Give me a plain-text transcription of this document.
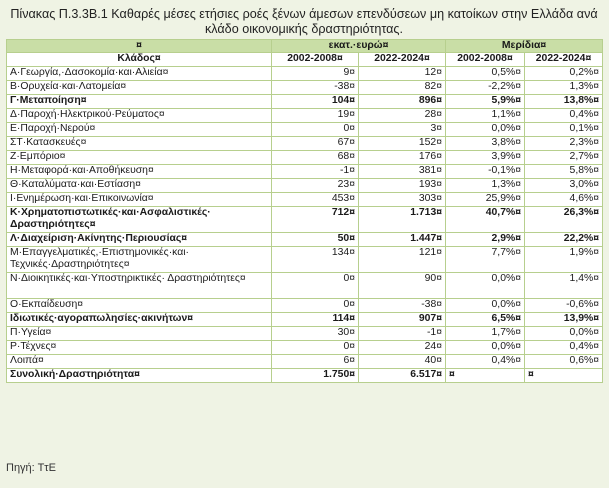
Πίνακας Π.3.3Β.1 Καθαρές μέσες ετήσιες ροές ξένων άμεσων επενδύσεων μη κατοίκων στην Ελλάδα ανά κλάδο οικονομικής δραστηριότητας.
¤	εκατ.·ευρώ¤		Μερίδια¤	
Κλάδος¤	2002-2008¤	2022-2024¤	2002-2008¤	2022-2024¤
Α·Γεωργία,·Δασοκομία·και·Αλιεία¤	9¤	12¤	0,5%¤	0,2%¤
Β·Ορυχεία·και·Λατομεία¤	-38¤	82¤	-2,2%¤	1,3%¤
Γ·Μεταποίηση¤	104¤	896¤	5,9%¤	13,8%¤
Δ·Παροχή·Ηλεκτρικού·Ρεύματος¤	19¤	28¤	1,1%¤	0,4%¤
Ε·Παροχή·Νερού¤	0¤	3¤	0,0%¤	0,1%¤
ΣΤ·Κατασκευές¤	67¤	152¤	3,8%¤	2,3%¤
Ζ·Εμπόριο¤	68¤	176¤	3,9%¤	2,7%¤
Η·Μεταφορά·και·Αποθήκευση¤	-1¤	381¤	-0,1%¤	5,8%¤
Θ·Καταλύματα·και·Εστίαση¤	23¤	193¤	1,3%¤	3,0%¤
Ι·Ενημέρωση·και·Επικοινωνία¤	453¤	303¤	25,9%¤	4,6%¤
Κ·Χρηματοπιστωτικές·και·Ασφαλιστικές· Δραστηριότητες¤	712¤	1.713¤	40,7%¤	26,3%¤
Λ·Διαχείριση·Ακίνητης·Περιουσίας¤	50¤	1.447¤	2,9%¤	22,2%¤
Μ·Επαγγελματικές,·Επιστημονικές·και· Τεχνικές·Δραστηριότητες¤	134¤	121¤	7,7%¤	1,9%¤
Ν·Διοικητικές·και·Υποστηρικτικές· Δραστηριότητες¤	0¤	90¤	0,0%¤	1,4%¤
Ο·Εκπαίδευση¤	0¤	-38¤	0,0%¤	-0,6%¤
Ιδιωτικές·αγοραπωλησίες·ακινήτων¤	114¤	907¤	6,5%¤	13,9%¤
Π·Υγεία¤	30¤	-1¤	1,7%¤	0,0%¤
Ρ·Τέχνες¤	0¤	24¤	0,0%¤	0,4%¤
Λοιπά¤	6¤	40¤	0,4%¤	0,6%¤
Συνολική·Δραστηριότητα¤	1.750¤	6.517¤	¤	¤
Πηγή: ΤτΕ
